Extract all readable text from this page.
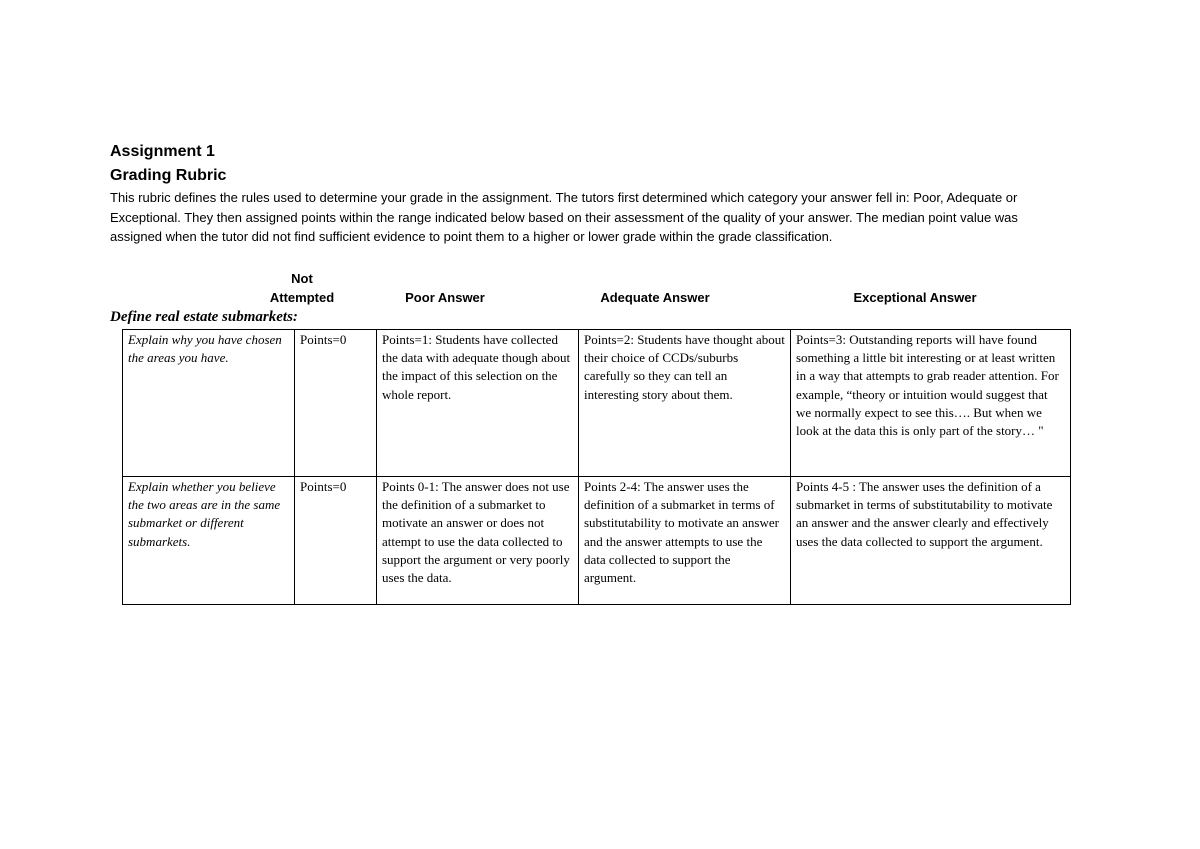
Assignment 1
Grading Rubric
This rubric defines the rules used to determine your grade in the assignment. The tutors first determined which category your answer fell in: Poor, Adequate or Exceptional. They then assigned points within the range indicated below based on their assessment of the quality of your answer. The median point value was assigned when the tutor did not find sufficient evidence to point them to a higher or lower grade within the grade classification.
Not
Attempted	Poor Answer	Adequate Answer	Exceptional Answer
Define real estate submarkets:
Explain why you have chosen the areas you have.	Points=0	Points=1: Students have collected the data with adequate though about the impact of this selection on the whole report.	Points=2: Students have thought about their choice of CCDs/suburbs carefully so they can tell an interesting story about them.	Points=3: Outstanding reports will have found something a little bit interesting or at least written in a way that attempts to grab reader attention. For example, “theory or intuition would suggest that we normally expect to see this…. But when we look at the data this is only part of the story… "
Explain whether you believe the two areas are in the same submarket or different submarkets.	Points=0	Points 0-1: The answer does not use the definition of a submarket to motivate an answer or does not attempt to use the data collected to support the argument or very poorly uses the data.	Points 2-4: The answer uses the definition of a submarket in terms of substitutability to motivate an answer and the answer attempts to use the data collected to support the argument.	Points 4-5 : The answer uses the definition of a submarket in terms of substitutability to motivate an answer and the answer clearly and effectively uses the data collected to support the argument.
